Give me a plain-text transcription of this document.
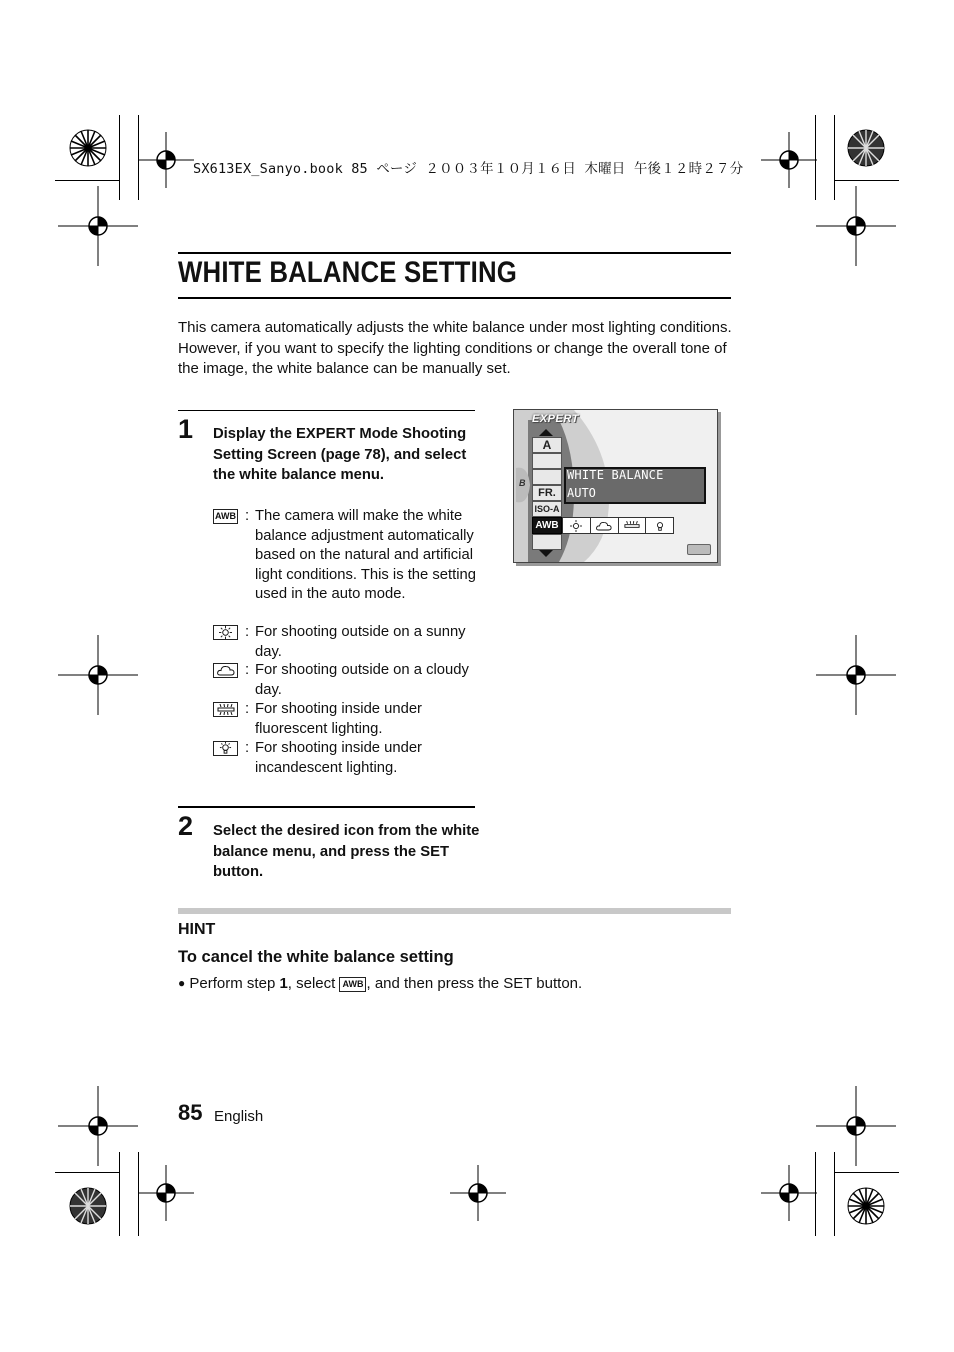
SX613EX_Sanyo.book 85 ページ ２００３年１０月１６日 木曜日 午後１２時２７分
WHITE BALANCE SETTING

This camera automatically adjusts the white balance under most lighting conditions. However, if you want to specify the lighting conditions or change the overall tone of the image, the white balance can be manually set.

1 Display the EXPERT Mode Shooting Setting Screen (page 78), and select the white balance menu.

AWB : The camera will make the white balance adjustment automatically based on the natural and artificial light conditions. This is the setting used in the auto mode.
: For shooting outside on a sunny day.
: For shooting outside on a cloudy day.
: For shooting inside under fluorescent lighting.
: For shooting inside under incandescent lighting.
EXPERT
B
A
FR.
ISO-A
AWB
WHITE BALANCE
AUTO
2 Select the desired icon from the white balance menu, and press the SET button.

HINT
To cancel the white balance setting
● Perform step 1, select AWB , and then press the SET button.
85 English
